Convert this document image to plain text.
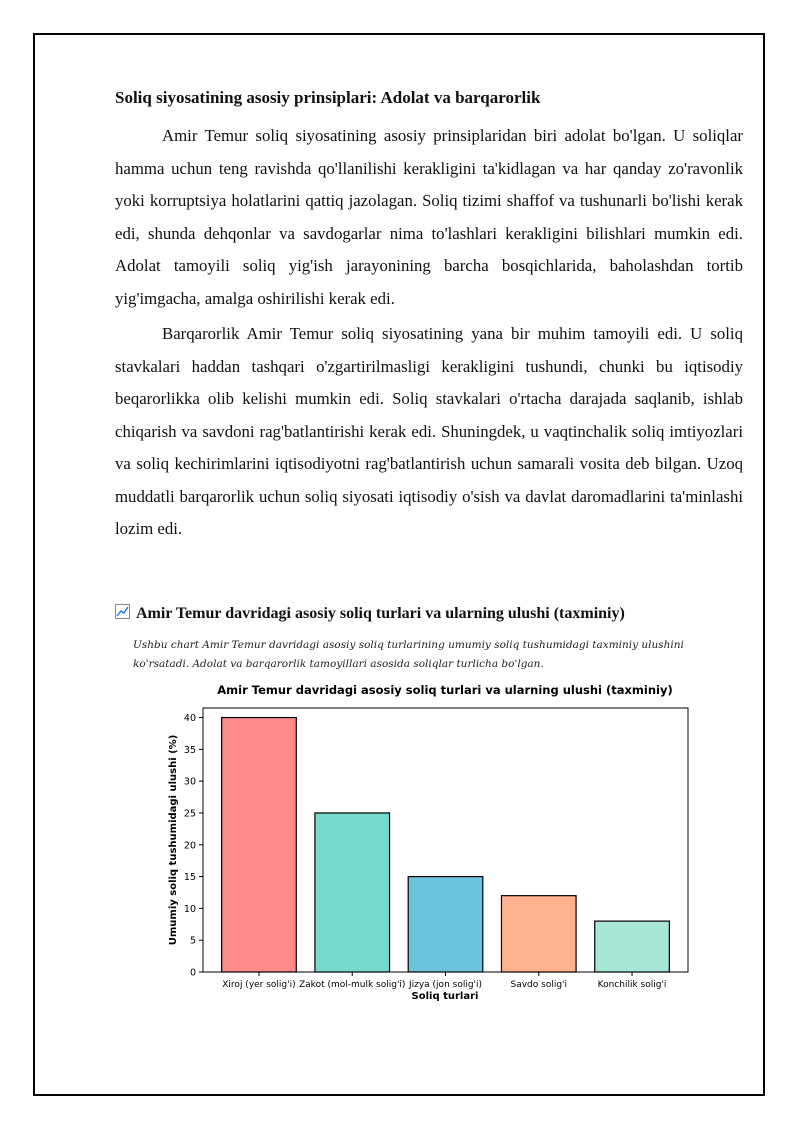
Soliq siyosatining asosiy prinsiplari: Adolat va barqarorlik

Amir Temur soliq siyosatining asosiy prinsiplaridan biri adolat bo'lgan. U soliqlar hamma uchun teng ravishda qo'llanilishi kerakligini ta'kidlagan va har qanday zo'ravonlik yoki korruptsiya holatlarini qattiq jazolagan. Soliq tizimi shaffof va tushunarli bo'lishi kerak edi, shunda dehqonlar va savdogarlar nima to'lashlari kerakligini bilishlari mumkin edi. Adolat tamoyili soliq yig'ish jarayonining barcha bosqichlarida, baholashdan tortib yig'imgacha, amalga oshirilishi kerak edi.

Barqarorlik Amir Temur soliq siyosatining yana bir muhim tamoyili edi. U soliq stavkalari haddan tashqari o'zgartirilmasligi kerakligini tushundi, chunki bu iqtisodiy beqarorlikka olib kelishi mumkin edi. Soliq stavkalari o'rtacha darajada saqlanib, ishlab chiqarish va savdoni rag'batlantirishi kerak edi. Shuningdek, u vaqtinchalik soliq imtiyozlari va soliq kechirimlarini iqtisodiyotni rag'batlantirish uchun samarali vosita deb bilgan. Uzoq muddatli barqarorlik uchun soliq siyosati iqtisodiy o'sish va davlat daromadlarini ta'minlashi lozim edi.

Amir Temur davridagi asosiy soliq turlari va ularning ulushi (taxminiy)
Ushbu chart Amir Temur davridagi asosiy soliq turlarining umumiy soliq tushumidagi taxminiy ulushini ko'rsatadi. Adolat va barqarorlik tamoyillari asosida soliqlar turlicha bo'lgan.
Amir Temur davridagi asosiy soliq turlari va ularning ulushi (taxminiy)
Umumiy soliq tushumidagi ulushi (%)
Soliq turlari
Xiroj (yer solig'i) Zakot (mol-mulk solig'i) Jizya (jon solig'i)	Savdo solig'i	Konchilik solig'i
0
5
10
15
20
25
30
35
40
